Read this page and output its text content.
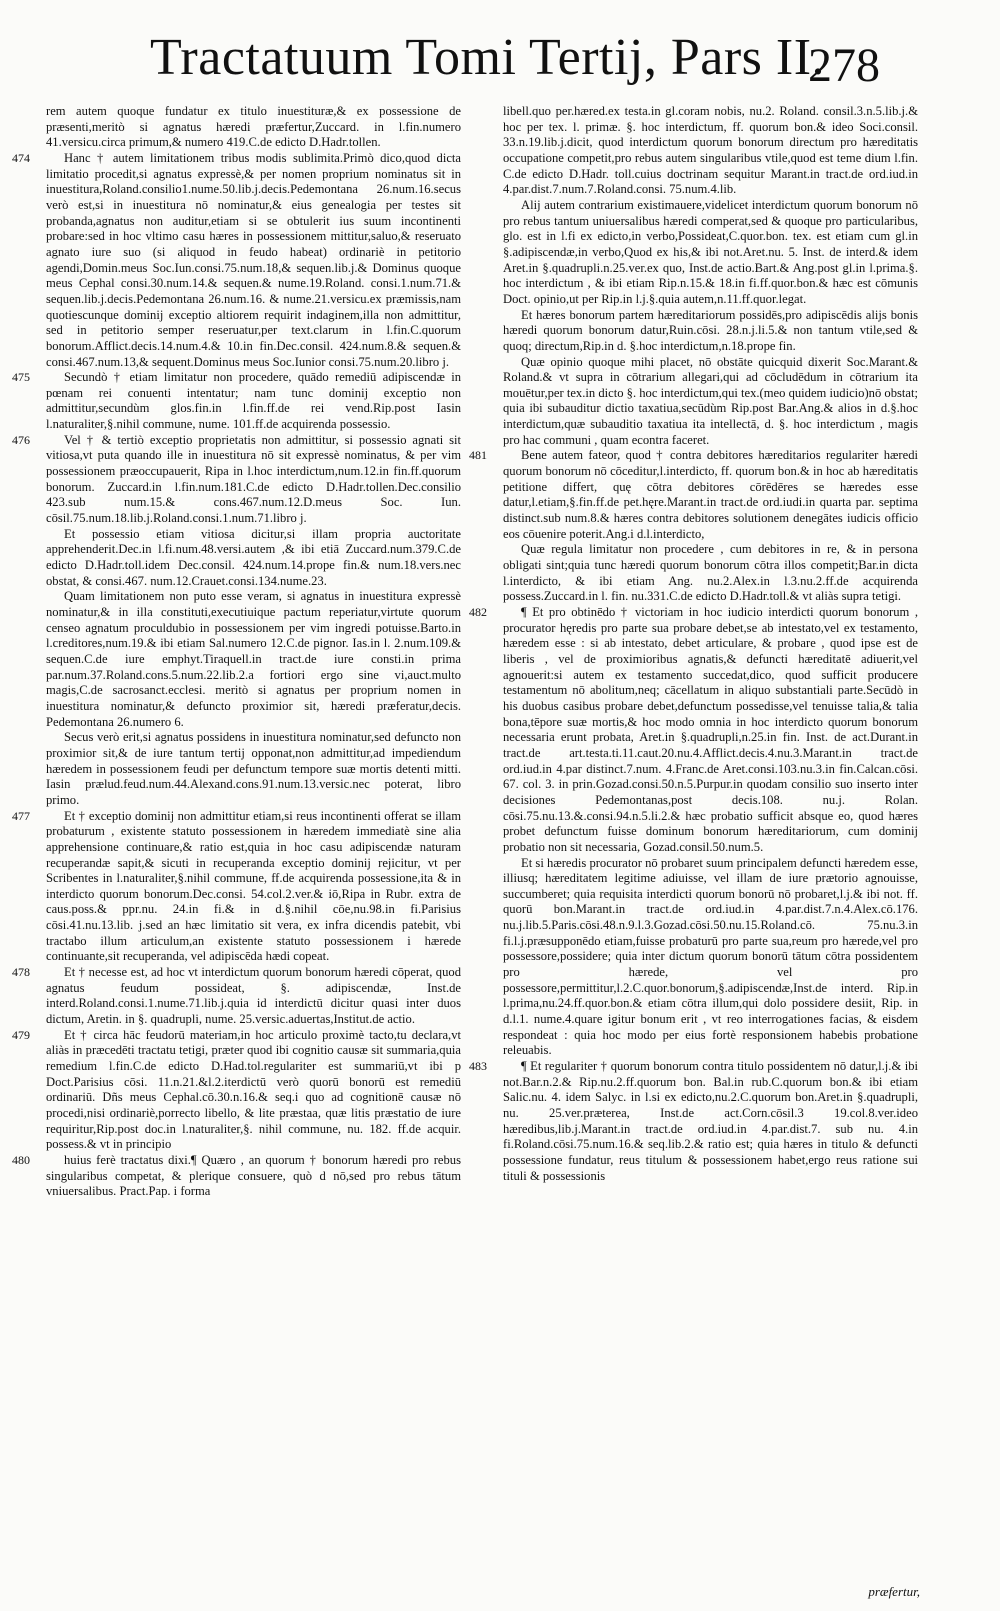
Tractatuum Tomi Tertij, Pars II.
278

rem autem quoque fundatur ex titulo inuestituræ,& ex possessione de præsenti,meritò si agnatus hæredi præfertur,Zuccard. in l.fin.numero 41.versicu.circa primum,& numero 419.C.de edicto D.Hadr.tollen.

474	Hanc † autem limitationem tribus modis sublimita.Primò dico,quod dicta limitatio procedit,si agnatus expressè,& per nomen proprium nominatus sit in inuestitura,Roland.consilio1.nume.50.lib.j.decis.Pedemontana 26.num.16.secus verò est,si in inuestitura nō nominatur,& eius genealogia per testes sit probanda,agnatus non auditur,etiam si se obtulerit ius suum incontinenti probare:sed in hoc vltimo casu hæres in possessionem mittitur,saluo,& reseruato agnato iure suo (si aliquod in feudo habeat) ordinariè in petitorio agendi,Domin.meus Soc.Iun.consi.75.num.18,& sequen.lib.j.& Dominus quoque meus Cephal consi.30.num.14.& sequen.& nume.19.Roland. consi.1.num.71.& sequen.lib.j.decis.Pedemontana 26.num.16. & nume.21.versicu.ex præmissis,nam quotiescunque dominij exceptio altiorem requirit indaginem,illa non admittitur, sed in petitorio semper reseruatur,per text.clarum in l.fin.C.quorum bonorum.Afflict.decis.14.num.4.& 10.in fin.Dec.consil. 424.num.8.& sequen.& consi.467.num.13,& sequent.Dominus meus Soc.Iunior consi.75.num.20.libro j.

475	Secundò † etiam limitatur non procedere, quādo remediū adipiscendæ in pœnam rei conuenti intentatur; nam tunc dominij exceptio non admittitur,secundùm glos.fin.in l.fin.ff.de rei vend.Rip.post Iasin l.naturaliter,§.nihil commune, nume. 101.ff.de acquirenda possessio.

476	Vel † & tertiò exceptio proprietatis non admittitur, si possessio agnati sit vitiosa,vt puta quando ille in inuestitura nō sit expressè nominatus, & per vim possessionem præoccupauerit, Ripa in l.hoc interdictum,num.12.in fin.ff.quorum bonorum. Zuccard.in l.fin.num.181.C.de edicto D.Hadr.tollen.Dec.consilio 423.sub num.15.& cons.467.num.12.D.meus Soc. Iun. cōsil.75.num.18.lib.j.Roland.consi.1.num.71.libro j.

Et possessio etiam vitiosa dicitur,si illam propria auctoritate apprehenderit.Dec.in l.fi.num.48.versi.autem ,& ibi etiā Zuccard.num.379.C.de edicto D.Hadr.toll.idem Dec.consil. 424.num.14.prope fin.& num.18.vers.nec obstat, & consi.467. num.12.Crauet.consi.134.nume.23.

Quam limitationem non puto esse veram, si agnatus in inuestitura expressè nominatur,& in illa constituti,executiuique pactum reperiatur,virtute quorum censeo agnatum proculdubio in possessionem per vim ingredi potuisse.Barto.in l.creditores,num.19.& ibi etiam Sal.numero 12.C.de pignor. Ias.in l. 2.num.109.& sequen.C.de iure emphyt.Tiraquell.in tract.de iure consti.in prima par.num.37.Roland.cons.5.num.22.lib.2.a fortiori ergo sine vi,auct.multo magis,C.de sacrosanct.ecclesi. meritò si agnatus per proprium nomen in inuestitura nominatur,& defuncto proximior sit, hæredi præferatur,decis. Pedemontana 26.numero 6.

Secus verò erit,si agnatus possidens in inuestitura nominatur,sed defuncto non proximior sit,& de iure tantum tertij opponat,non admittitur,ad impediendum hæredem in possessionem feudi per defunctum tempore suæ mortis detenti mitti. Iasin prælud.feud.num.44.Alexand.cons.91.num.13.versic.nec poterat, libro primo.

477	Et † exceptio dominij non admittitur etiam,si reus incontinenti offerat se illam probaturum , existente statuto possessionem in hæredem immediatè sine alia apprehensione continuare,& ratio est,quia in hoc casu adipiscendæ naturam recuperandæ sapit,& sicuti in recuperanda exceptio dominij rejicitur, vt per Scribentes in l.naturaliter,§.nihil commune, ff.de acquirenda possessione,ita & in interdicto quorum bonorum.Dec.consi. 54.col.2.ver.& iō,Ripa in Rubr. extra de caus.poss.& ppr.nu. 24.in fi.& in d.§.nihil cōe,nu.98.in fi.Parisius cōsi.41.nu.13.lib. j.sed an hæc limitatio sit vera, ex infra dicendis patebit, vbi tractabo illum articulum,an existente statuto possessionem i hærede continuante,sit recuperanda, vel adipiscēda hædi copeat.

478	Et † necesse est, ad hoc vt interdictum quorum bonorum hæredi cōperat, quod agnatus feudum possideat, §. adipiscendæ, Inst.de interd.Roland.consi.1.nume.71.lib.j.quia id interdictū dicitur quasi inter duos dictum, Aretin. in §. quadrupli, nume. 25.versic.aduertas,Institut.de actio.

479	Et † circa hāc feudorū materiam,in hoc articulo proximè tacto,tu declara,vt aliàs in præcedēti tractatu tetigi, præter quod ibi cognitio causæ sit summaria,quia remedium l.fin.C.de edicto D.Had.tol.regulariter est summariū,vt ibi p Doct.Parisius cōsi. 11.n.21.&l.2.iterdictū verò quorū bonorū est remediū ordinariū. Dñs meus Cephal.cō.30.n.16.& seq.i quo ad cognitionē causæ nō procedi,nisi ordinariè,porrecto libello, & lite præstaa, quæ litis præstatio de iure requiritur,Rip.post doc.in l.naturaliter,§. nihil commune, nu. 182. ff.de acquir. possess.& vt in principio

480	huius ferè tractatus dixi.¶ Quæro , an quorum † bonorum hæredi pro rebus singularibus competat, & plerique consuere, quò d nō,sed pro rebus tātum vniuersalibus. Pract.Pap. i forma

libell.quo per.hæred.ex testa.in gl.coram nobis, nu.2. Roland. consil.3.n.5.lib.j.& hoc per tex. l. primæ. §. hoc interdictum, ff. quorum bon.& ideo Soci.consil. 33.n.19.lib.j.dicit, quod interdictum quorum bonorum directum pro hæreditatis occupatione competit,pro rebus autem singularibus vtile,quod est teme dium l.fin. C.de edicto D.Hadr. toll.cuius doctrinam sequitur Marant.in tract.de ord.iud.in 4.par.dist.7.num.7.Roland.consi. 75.num.4.lib.

Alij autem contrarium existimauere,videlicet interdictum quorum bonorum nō pro rebus tantum uniuersalibus hæredi comperat,sed & quoque pro particularibus, glo. est in l.fi ex edicto,in verbo,Possideat,C.quor.bon. tex. est etiam cum gl.in §.adipiscendæ,in verbo,Quod ex his,& ibi not.Aret.nu. 5. Inst. de interd.& idem Aret.in §.quadrupli.n.25.ver.ex quo, Inst.de actio.Bart.& Ang.post gl.in l.prima.§. hoc interdictum , & ibi etiam Rip.n.15.& 18.in fi.ff.quor.bon.& hæc est cōmunis Doct. opinio,ut per Rip.in l.j.§.quia autem,n.11.ff.quor.legat.

Et hæres bonorum partem hæreditariorum possidēs,pro adipiscēdis alijs bonis hæredi quorum bonorum datur,Ruin.cōsi. 28.n.j.li.5.& non tantum vtile,sed & quoq; directum,Rip.in d. §.hoc interdictum,n.18.prope fin.

Quæ opinio quoque mihi placet, nō obstāte quicquid dixerit Soc.Marant.& Roland.& vt supra in cōtrarium allegari,qui ad cōcludēdum in cōtrarium ita mouētur,per tex.in dicto §. hoc interdictum,qui tex.(meo quidem iudicio)nō obstat; quia ibi subauditur dictio taxatiua,secūdùm Rip.post Bar.Ang.& alios in d.§.hoc interdictum,quæ subauditio taxatiua ita intellectā, d. §. hoc interdictum , magis pro hac communi , quam econtra faceret.

481	Bene autem fateor, quod † contra debitores hæreditarios regulariter hæredi quorum bonorum nō cōceditur,l.interdicto, ff. quorum bon.& in hoc ab hæreditatis petitione differt, quę cōtra debitores cōrēdēres se hæredes esse datur,l.etiam,§.fin.ff.de pet.hęre.Marant.in tract.de ord.iudi.in quarta par. septima distinct.sub num.8.& hæres contra debitores solutionem denegātes iudicis officio eos cōuenire poterit.Ang.i d.l.interdicto,

Quæ regula limitatur non procedere , cum debitores in re, & in persona obligati sint;quia tunc hæredi quorum bonorum cōtra illos competit;Bar.in dicta l.interdicto, & ibi etiam Ang. nu.2.Alex.in l.3.nu.2.ff.de acquirenda possess.Zuccard.in l. fin. nu.331.C.de edicto D.Hadr.toll.& vt aliàs supra tetigi.

482	¶ Et pro obtinēdo † victoriam in hoc iudicio interdicti quorum bonorum , procurator hęredis pro parte sua probare debet,se ab intestato,vel ex testamento, hæredem esse : si ab intestato, debet articulare, & probare , quod ipse est de liberis , vel de proximioribus agnatis,& defuncti hæreditatē adiuerit,vel agnouerit:si autem ex testamento succedat,dico, quod sufficit producere testamentum nō abolitum,neq; cācellatum in aliquo substantiali parte.Secūdò in his duobus casibus probare debet,defunctum possedisse,vel tenuisse talia,& talia bona,tēpore suæ mortis,& hoc modo omnia in hoc interdicto quorum bonorum necessaria erunt probata, Aret.in §.quadrupli,n.25.in fin. Inst. de act.Durant.in tract.de art.testa.ti.11.caut.20.nu.4.Afflict.decis.4.nu.3.Marant.in tract.de ord.iud.in 4.par distinct.7.num. 4.Franc.de Aret.consi.103.nu.3.in fin.Calcan.cōsi. 67. col. 3. in prin.Gozad.consi.50.n.5.Purpur.in quodam consilio suo inserto inter decisiones Pedemontanas,post decis.108. nu.j. Rolan. cōsi.75.nu.13.&.consi.94.n.5.li.2.& hæc probatio sufficit absque eo, quod hæres probet defunctum fuisse dominum bonorum hæreditariorum, cum dominij probatio non sit necessaria, Gozad.consil.50.num.5.

Et si hæredis procurator nō probaret suum principalem defuncti hæredem esse, illiusq; hæreditatem legitime adiuisse, vel illam de iure prætorio agnouisse, succumberet; quia requisita interdicti quorum bonorū nō probaret,l.j.& ibi not. ff. quorū bon.Marant.in tract.de ord.iud.in 4.par.dist.7.n.4.Alex.cō.176. nu.j.lib.5.Paris.cōsi.48.n.9.l.3.Gozad.cōsi.50.nu.15.Roland.cō. 75.nu.3.in fi.l.j.præsupponēdo etiam,fuisse probaturū pro parte sua,reum pro hærede,vel pro possessore,possidere; quia inter dictum quorum bonorū tātum cōtra possidentem pro hærede, vel pro possessore,permittitur,l.2.C.quor.bonorum,§.adipiscendæ,Inst.de interd. Rip.in l.prima,nu.24.ff.quor.bon.& etiam cōtra illum,qui dolo possidere desiit, Rip. in d.l.1. nume.4.quare igitur bonum erit , vt reo interrogationes facias, & eisdem respondeat : quia hoc modo per eius fortè responsionem habebis probatione releuabis.

483	¶ Et regulariter † quorum bonorum contra titulo possidentem nō datur,l.j.& ibi not.Bar.n.2.& Rip.nu.2.ff.quorum bon. Bal.in rub.C.quorum bon.& ibi etiam Salic.nu. 4. idem Salyc. in l.si ex edicto,nu.2.C.quorum bon.Aret.in §.quadrupli, nu. 25.ver.præterea, Inst.de act.Corn.cōsil.3 19.col.8.ver.ideo hæredibus,lib.j.Marant.in tract.de ord.iud.in 4.par.dist.7. sub nu. 4.in fi.Roland.cōsi.75.num.16.& seq.lib.2.& ratio est; quia hæres in titulo & defuncti possessione fundatur, reus titulum & possessionem habet,ergo reus ratione sui tituli & possessionis

præfertur,
